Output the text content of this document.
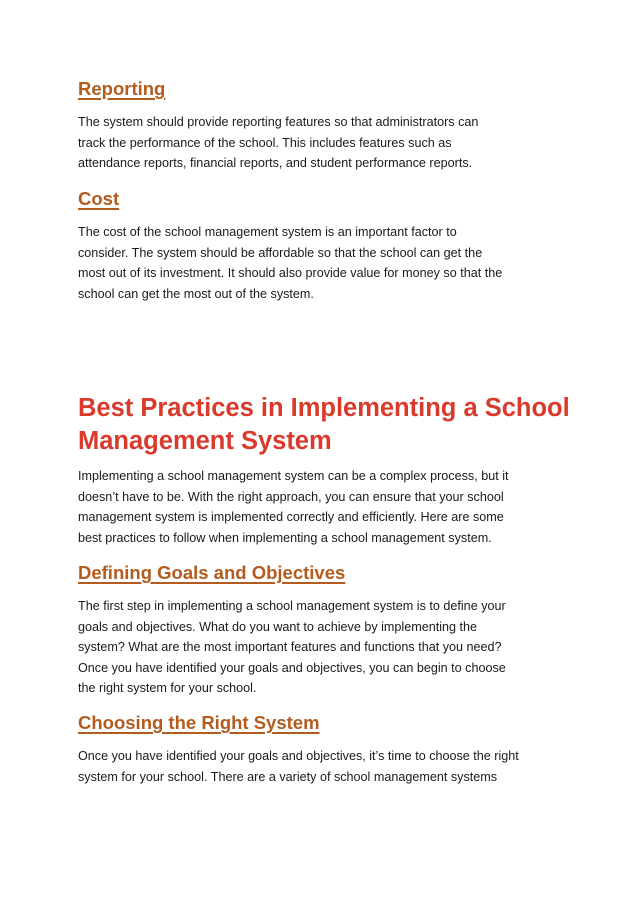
Reporting

The system should provide reporting features so that administrators can
track the performance of the school. This includes features such as
attendance reports, financial reports, and student performance reports.

Cost

The cost of the school management system is an important factor to
consider. The system should be affordable so that the school can get the
most out of its investment. It should also provide value for money so that the
school can get the most out of the system.

Best Practices in Implementing a School
Management System

Implementing a school management system can be a complex process, but it
doesn’t have to be. With the right approach, you can ensure that your school
management system is implemented correctly and efficiently. Here are some
best practices to follow when implementing a school management system.

Defining Goals and Objectives

The first step in implementing a school management system is to define your
goals and objectives. What do you want to achieve by implementing the
system? What are the most important features and functions that you need?
Once you have identified your goals and objectives, you can begin to choose
the right system for your school.

Choosing the Right System

Once you have identified your goals and objectives, it’s time to choose the right
system for your school. There are a variety of school management systems
